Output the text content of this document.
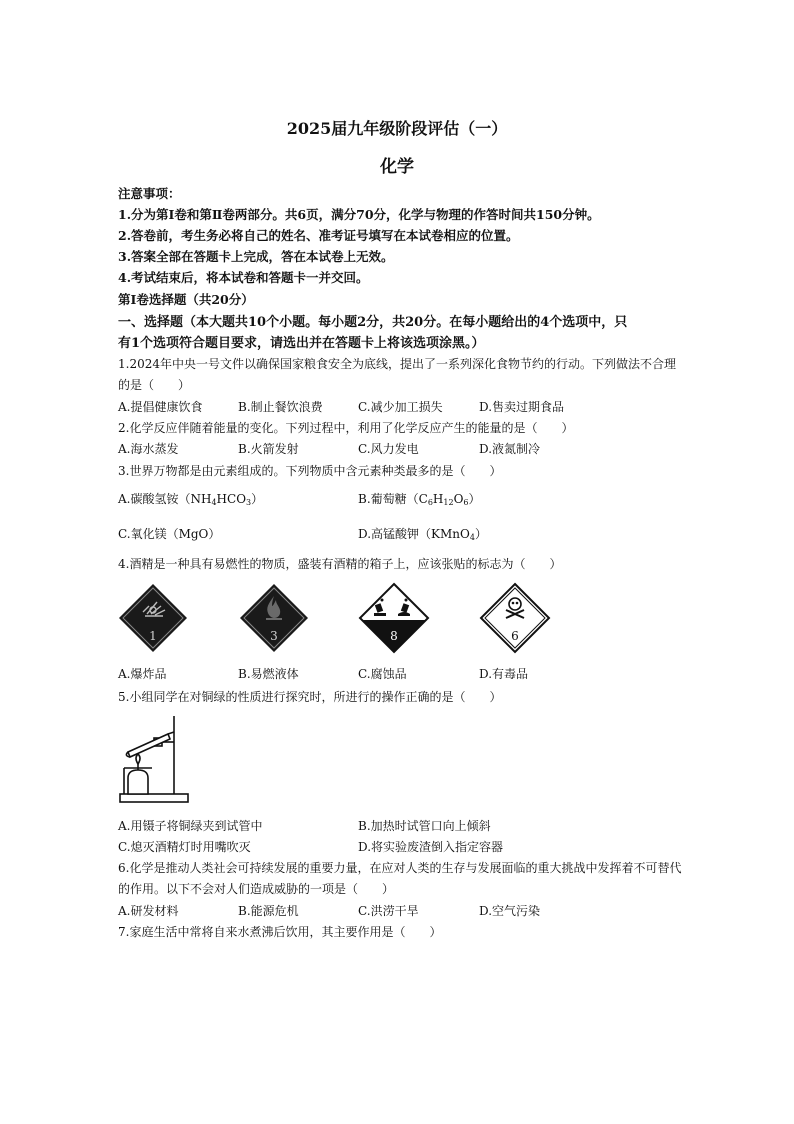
2025届九年级阶段评估（一）
化学
注意事项：
1.分为第Ⅰ卷和第Ⅱ卷两部分。共6页，满分70分，化学与物理的作答时间共150分钟。
2.答卷前，考生务必将自己的姓名、准考证号填写在本试卷相应的位置。
3.答案全部在答题卡上完成，答在本试卷上无效。
4.考试结束后，将本试卷和答题卡一并交回。
第Ⅰ卷选择题（共20分）
一、选择题（本大题共10个小题。每小题2分，共20分。在每小题给出的4个选项中，只
有1个选项符合题目要求，请选出并在答题卡上将该选项涂黑。）
1.2024年中央一号文件以确保国家粮食安全为底线，提出了一系列深化食物节约的行动。下列做法不合理
的是（　　）
A.提倡健康饮食	B.制止餐饮浪费	C.减少加工损失	D.售卖过期食品
2.化学反应伴随着能量的变化。下列过程中，利用了化学反应产生的能量的是（　　）
A.海水蒸发	B.火箭发射	C.风力发电	D.液氮制冷
3.世界万物都是由元素组成的。下列物质中含元素种类最多的是（　　）
A.碳酸氢铵$(NH_4HCO_3)$	B.葡萄糖$(C_6H_{12}O_6)$
C.氧化镁（MgO）	D.高锰酸钾（KMnO$_4$）
4.酒精是一种具有易燃性的物质，盛装有酒精的箱子上，应该张贴的标志为（　　）
1	3	8	6
A.爆炸品	B.易燃液体	C.腐蚀品	D.有毒品
5.小组同学在对铜绿的性质进行探究时，所进行的操作正确的是（　　）
A.用镊子将铜绿夹到试管中	B.加热时试管口向上倾斜
C.熄灭酒精灯时用嘴吹灭	D.将实验废渣倒入指定容器
6.化学是推动人类社会可持续发展的重要力量，在应对人类的生存与发展面临的重大挑战中发挥着不可替代
的作用。以下不会对人们造成威胁的一项是（　　）
A.研发材料	B.能源危机	C.洪涝干旱	D.空气污染
7.家庭生活中常将自来水煮沸后饮用，其主要作用是（　　）
